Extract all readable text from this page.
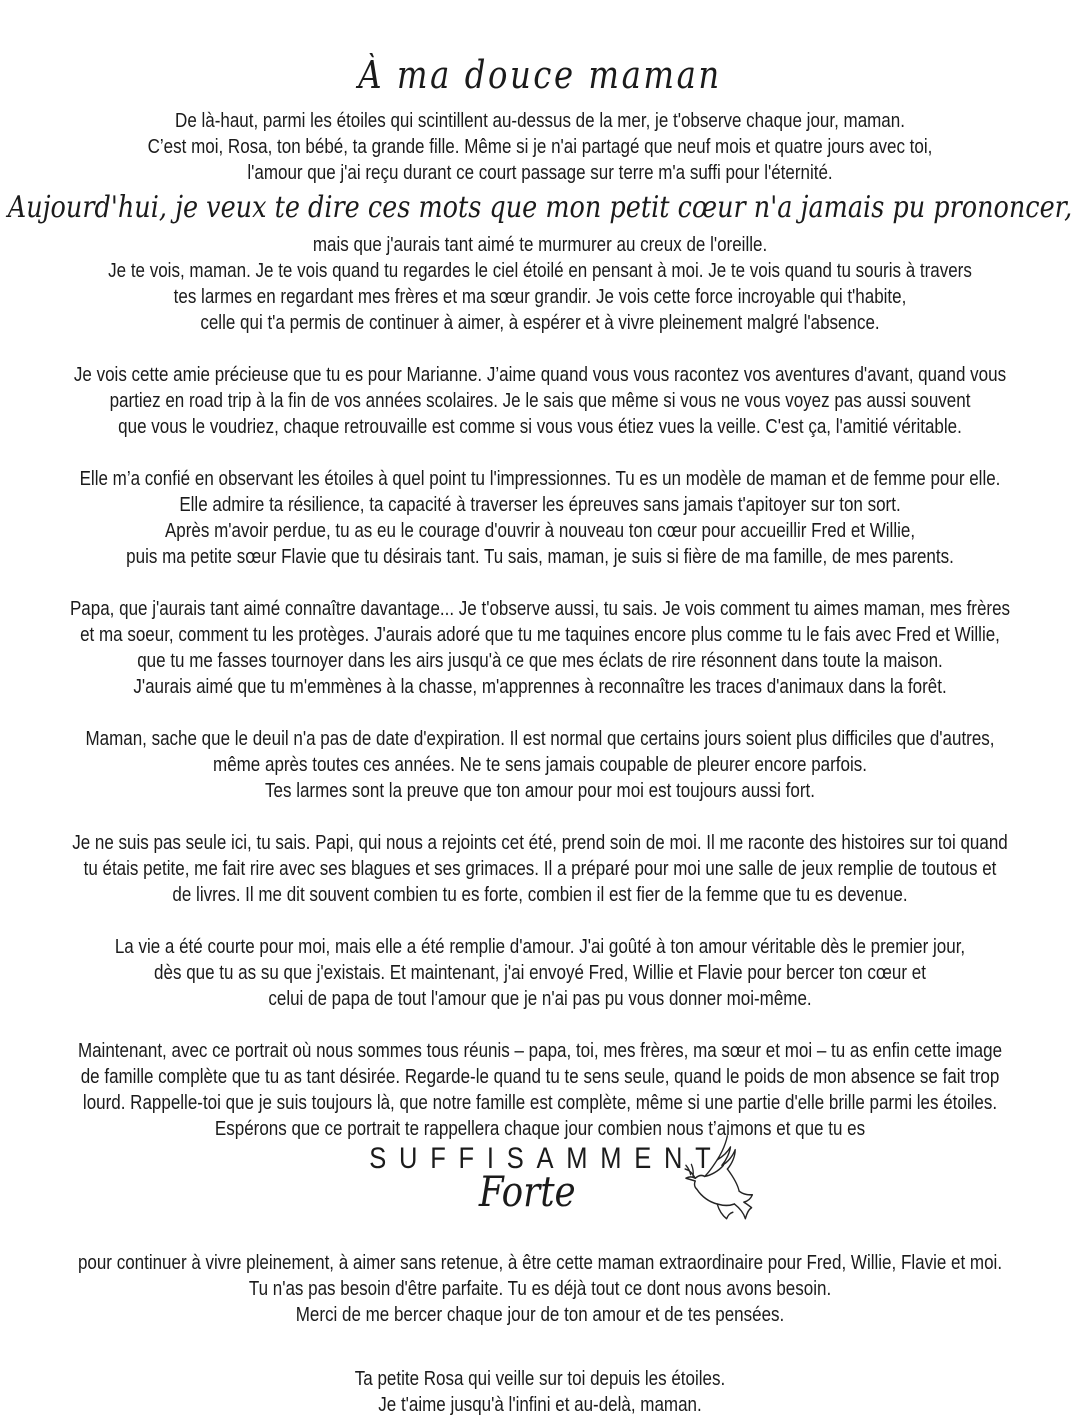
À ma douce maman
De là-haut, parmi les étoiles qui scintillent au-dessus de la mer, je t'observe chaque jour, maman.
C’est moi, Rosa, ton bébé, ta grande fille. Même si je n'ai partagé que neuf mois et quatre jours avec toi,
l'amour que j'ai reçu durant ce court passage sur terre m'a suffi pour l'éternité.
Aujourd'hui, je veux te dire ces mots que mon petit cœur n'a jamais pu prononcer,
mais que j'aurais tant aimé te murmurer au creux de l'oreille.
Je te vois, maman. Je te vois quand tu regardes le ciel étoilé en pensant à moi. Je te vois quand tu souris à travers
tes larmes en regardant mes frères et ma sœur grandir. Je vois cette force incroyable qui t'habite,
celle qui t'a permis de continuer à aimer, à espérer et à vivre pleinement malgré l'absence.
Je vois cette amie précieuse que tu es pour Marianne. J’aime quand vous vous racontez vos aventures d'avant, quand vous
partiez en road trip à la fin de vos années scolaires. Je le sais que même si vous ne vous voyez pas aussi souvent
que vous le voudriez, chaque retrouvaille est comme si vous vous étiez vues la veille. C'est ça, l'amitié véritable.
Elle m’a confié en observant les étoiles à quel point tu l'impressionnes. Tu es un modèle de maman et de femme pour elle.
Elle admire ta résilience, ta capacité à traverser les épreuves sans jamais t'apitoyer sur ton sort.
Après m'avoir perdue, tu as eu le courage d'ouvrir à nouveau ton cœur pour accueillir Fred et Willie,
puis ma petite sœur Flavie que tu désirais tant. Tu sais, maman, je suis si fière de ma famille, de mes parents.
Papa, que j'aurais tant aimé connaître davantage... Je t'observe aussi, tu sais. Je vois comment tu aimes maman, mes frères
et ma soeur, comment tu les protèges. J'aurais adoré que tu me taquines encore plus comme tu le fais avec Fred et Willie,
que tu me fasses tournoyer dans les airs jusqu'à ce que mes éclats de rire résonnent dans toute la maison.
J'aurais aimé que tu m'emmènes à la chasse, m'apprennes à reconnaître les traces d'animaux dans la forêt.
Maman, sache que le deuil n'a pas de date d'expiration. Il est normal que certains jours soient plus difficiles que d'autres,
même après toutes ces années. Ne te sens jamais coupable de pleurer encore parfois.
Tes larmes sont la preuve que ton amour pour moi est toujours aussi fort.
Je ne suis pas seule ici, tu sais. Papi, qui nous a rejoints cet été, prend soin de moi. Il me raconte des histoires sur toi quand
tu étais petite, me fait rire avec ses blagues et ses grimaces. Il a préparé pour moi une salle de jeux remplie de toutous et
de livres. Il me dit souvent combien tu es forte, combien il est fier de la femme que tu es devenue.
La vie a été courte pour moi, mais elle a été remplie d'amour. J'ai goûté à ton amour véritable dès le premier jour,
dès que tu as su que j'existais. Et maintenant, j'ai envoyé Fred, Willie et Flavie pour bercer ton cœur et
celui de papa de tout l'amour que je n'ai pas pu vous donner moi-même.
Maintenant, avec ce portrait où nous sommes tous réunis – papa, toi, mes frères, ma sœur et moi – tu as enfin cette image
de famille complète que tu as tant désirée. Regarde-le quand tu te sens seule, quand le poids de mon absence se fait trop
lourd. Rappelle-toi que je suis toujours là, que notre famille est complète, même si une partie d'elle brille parmi les étoiles.
Espérons que ce portrait te rappellera chaque jour combien nous t’aimons et que tu es
SUFFISAMMENT
Forte
pour continuer à vivre pleinement, à aimer sans retenue, à être cette maman extraordinaire pour Fred, Willie, Flavie et moi.
Tu n'as pas besoin d'être parfaite. Tu es déjà tout ce dont nous avons besoin.
Merci de me bercer chaque jour de ton amour et de tes pensées.
Ta petite Rosa qui veille sur toi depuis les étoiles.
Je t'aime jusqu'à l'infini et au-delà, maman.
